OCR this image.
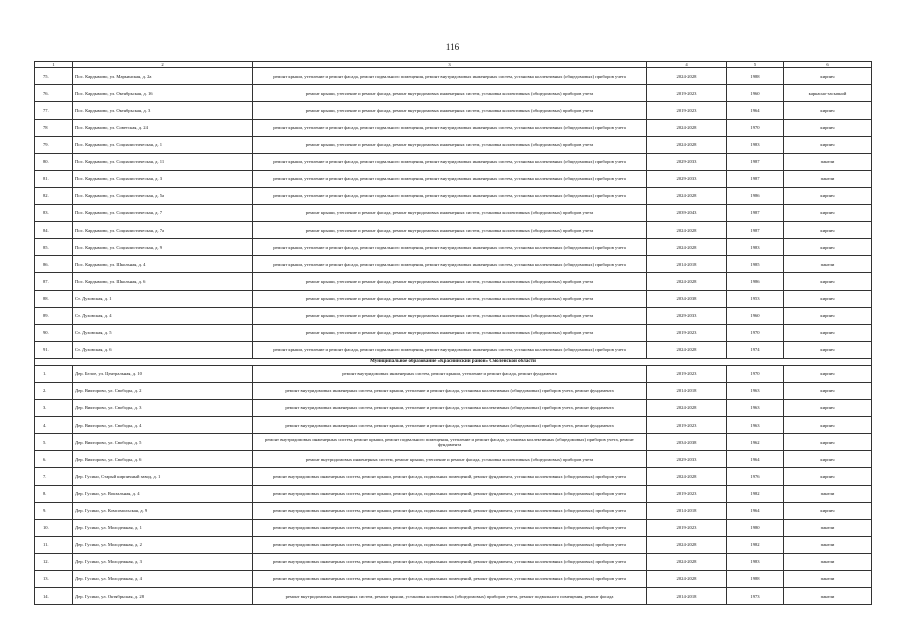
116
1	2	3	4	5	6
75.	Пос. Кардымово, ул. Марьинская, д. 2а	ремонт крыши, утепление и ремонт фасада, ремонт подвального помещения, ремонт внутридомовых инженерных систем, установка коллективных (общедомовых) приборов учета	2024-2028	1988	кирпич
76.	Пос. Кардымово, ул. Октябрьская, д. 16	ремонт крыши, утепление и ремонт фасада, ремонт внутридомовых инженерных систем, установка коллективных (общедомовых) приборов учета	2019-2023	1960	каркасно-засыпной
77.	Пос. Кардымово, ул. Октябрьская, д. 3	ремонт крыши, утепление и ремонт фасада, ремонт внутридомовых инженерных систем, установка коллективных (общедомовых) приборов учета	2019-2023	1964	кирпич
78	Пос. Кардымово, ул. Советская, д. 24	ремонт крыши, утепление и ремонт фасада, ремонт подвального помещения, ремонт внутридомовых инженерных систем, установка коллективных (общедомовых) приборов учета	2024-2028	1970	кирпич
79.	Пос. Кардымово, ул. Социалистическая, д. 1	ремонт крыши, утепление и ремонт фасада, ремонт внутридомовых инженерных систем, установка коллективных (общедомовых) приборов учета	2024-2028	1983	кирпич
80.	Пос. Кардымово, ул. Социалистическая, д. 11	ремонт крыши, утепление и ремонт фасада, ремонт подвального помещения, ремонт внутридомовых инженерных систем, установка коллективных (общедомовых) приборов учета	2029-2033	1987	панели
81.	Пос. Кардымово, ул. Социалистическая, д. 3	ремонт крыши, утепление и ремонт фасада, ремонт подвального помещения, ремонт внутридомовых инженерных систем, установка коллективных (общедомовых) приборов учета	2029-2033	1987	панели
82.	Пос. Кардымово, ул. Социалистическая, д. 5а	ремонт крыши, утепление и ремонт фасада, ремонт подвального помещения, ремонт внутридомовых инженерных систем, установка коллективных (общедомовых) приборов учета	2024-2028	1986	кирпич
83.	Пос. Кардымово, ул. Социалистическая, д. 7	ремонт крыши, утепление и ремонт фасада, ремонт внутридомовых инженерных систем, установка коллективных (общедомовых) приборов учета	2039-2043	1987	кирпич
84.	Пос. Кардымово, ул. Социалистическая, д. 7а	ремонт крыши, утепление и ремонт фасада, ремонт внутридомовых инженерных систем, установка коллективных (общедомовых) приборов учета	2024-2028	1987	кирпич
85.	Пос. Кардымово, ул. Социалистическая, д. 9	ремонт крыши, утепление и ремонт фасада, ремонт подвального помещения, ремонт внутридомовых инженерных систем, установка коллективных (общедомовых) приборов учета	2024-2028	1983	кирпич
86.	Пос. Кардымово, ул. Школьная, д. 4	ремонт крыши, утепление и ремонт фасада, ремонт подвального помещения, ремонт внутридомовых инженерных систем, установка коллективных (общедомовых) приборов учета	2014-2018	1985	панели
87.	Пос. Кардымово, ул. Школьная, д. 6	ремонт крыши, утепление и ремонт фасада, ремонт внутридомовых инженерных систем, установка коллективных (общедомовых) приборов учета	2024-2028	1986	кирпич
88.	Ст. Духовская, д. 1	ремонт крыши, утепление и ремонт фасада, ремонт внутридомовых инженерных систем, установка коллективных (общедомовых) приборов учета	2034-2038	1953	кирпич
89.	Ст. Духовская, д. 4	ремонт крыши, утепление и ремонт фасада, ремонт внутридомовых инженерных систем, установка коллективных (общедомовых) приборов учета	2029-2033	1960	кирпич
90.	Ст. Духовская, д. 5	ремонт крыши, утепление и ремонт фасада, ремонт внутридомовых инженерных систем, установка коллективных (общедомовых) приборов учета	2019-2023	1970	кирпич
91.	Ст. Духовская, д. 6	ремонт крыши, утепление и ремонт фасада, ремонт подвального помещения, ремонт внутридомовых инженерных систем, установка коллективных (общедомовых) приборов учета	2024-2028	1974	кирпич
Муниципальное образование «Краснинский район» Смоленской области					
1.	Дер. Белое, ул. Центральная, д. 10	ремонт внутридомовых инженерных систем, ремонт крыши, утепление и ремонт фасада, ремонт фундамента	2019-2023	1970	кирпич
2.	Дер. Викторово, ул. Свободы, д. 2	ремонт внутридомовых инженерных систем, ремонт крыши, утепление и ремонт фасада, установка коллективных (общедомовых) приборов учета, ремонт фундамента	2014-2018	1963	кирпич
3.	Дер. Викторово, ул. Свободы, д. 3	ремонт внутридомовых инженерных систем, ремонт крыши, утепление и ремонт фасада, установка коллективных (общедомовых) приборов учета, ремонт фундамента	2024-2028	1963	кирпич
4.	Дер. Викторово, ул. Свободы, д. 4	ремонт внутридомовых инженерных систем, ремонт крыши, утепление и ремонт фасада, установка коллективных (общедомовых) приборов учета, ремонт фундамента	2019-2023	1963	кирпич
5.	Дер. Викторово, ул. Свободы, д. 5	ремонт внутридомовых инженерных систем, ремонт крыши, ремонт подвального помещения, утепление и ремонт фасада, установка коллективных (общедомовых) приборов учета, ремонт фундамента	2034-2038	1962	кирпич
6.	Дер. Викторово, ул. Свободы, д. 6	ремонт внутридомовых инженерных систем, ремонт крыши, утепление и ремонт фасада, установка коллективных (общедомовых) приборов учета	2029-2033	1964	кирпич
7.	Дер. Гусино, Старый кирпичный завод, д. 1	ремонт внутридомовых инженерных систем, ремонт крыши, ремонт фасада, подвальных помещений, ремонт фундамента, установка коллективных (общедомовых) приборов учета	2024-2028	1976	кирпич
8.	Дер. Гусино, ул. Вокзальная, д. 4	ремонт внутридомовых инженерных систем, ремонт крыши, ремонт фасада, подвальных помещений, ремонт фундамента, установка коллективных (общедомовых) приборов учета	2019-2023	1982	панели
9.	Дер. Гусино, ул. Комсомольская, д. 9	ремонт внутридомовых инженерных систем, ремонт крыши, ремонт фасада, подвальных помещений, ремонт фундамента, установка коллективных (общедомовых) приборов учета	2014-2018	1964	кирпич
10.	Дер. Гусино, ул. Молодежная, д. 1	ремонт внутридомовых инженерных систем, ремонт крыши, ремонт фасада, подвальных помещений, ремонт фундамента, установка коллективных (общедомовых) приборов учета	2019-2023	1980	панели
11.	Дер. Гусино, ул. Молодежная, д. 2	ремонт внутридомовых инженерных систем, ремонт крыши, ремонт фасада, подвальных помещений, ремонт фундамента, установка коллективных (общедомовых) приборов учета	2024-2028	1982	панели
12.	Дер. Гусино, ул. Молодежная, д. 3	ремонт внутридомовых инженерных систем, ремонт крыши, ремонт фасада, подвальных помещений, ремонт фундамента, установка коллективных (общедомовых) приборов учета	2024-2028	1983	панели
13.	Дер. Гусино, ул. Молодежная, д. 4	ремонт внутридомовых инженерных систем, ремонт крыши, ремонт фасада, подвальных помещений, ремонт фундамента, установка коллективных (общедомовых) приборов учета	2024-2028	1988	панели
14.	Дер. Гусино, ул. Октябрьская, д. 28	ремонт внутридомовых инженерных систем, ремонт крыши, установка коллективных (общедомовых) приборов учета, ремонт подвального помещения, ремонт фасада	2014-2018	1973	панели
